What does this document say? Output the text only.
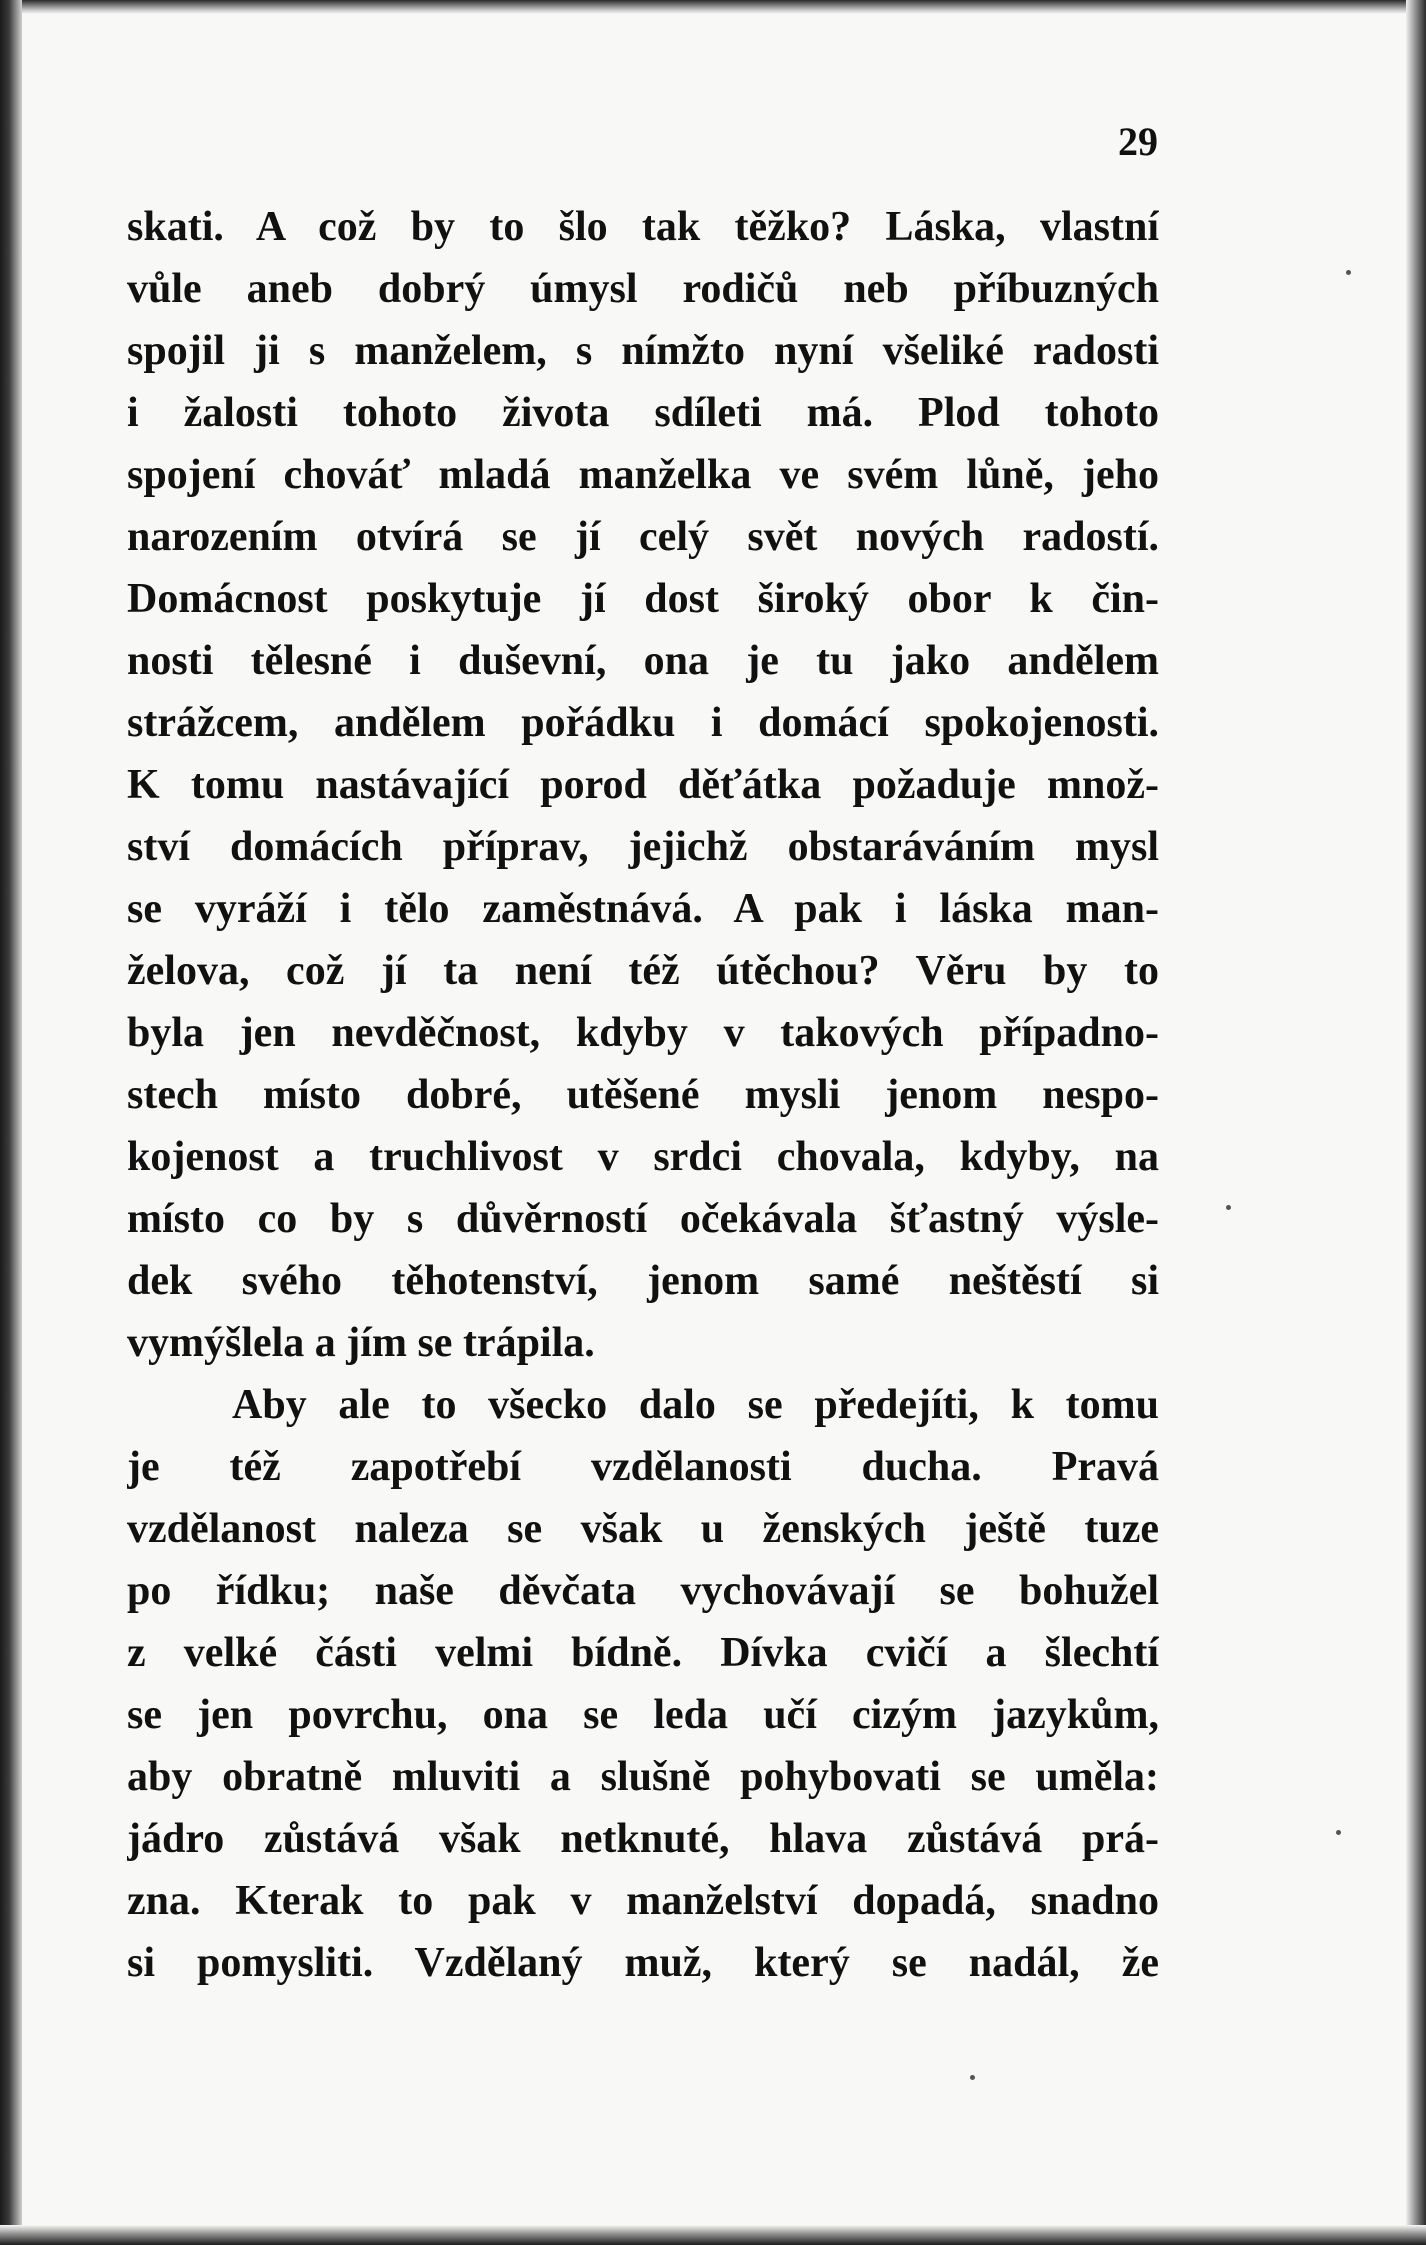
29
skati. A což by to šlo tak těžko? Láska, vlastní
vůle aneb dobrý úmysl rodičů neb příbuzných
spojil ji s manželem, s nímžto nyní všeliké radosti
i žalosti tohoto života sdíleti má. Plod tohoto
spojení chováť mladá manželka ve svém lůně, jeho
narozením otvírá se jí celý svět nových radostí.
Domácnost poskytuje jí dost široký obor k čin-
nosti tělesné i duševní, ona je tu jako andělem
strážcem, andělem pořádku i domácí spokojenosti.
K tomu nastávající porod děťátka požaduje množ-
ství domácích příprav, jejichž obstaráváním mysl
se vyráží i tělo zaměstnává. A pak i láska man-
želova, což jí ta není též útěchou? Věru by to
byla jen nevděčnost, kdyby v takových případno-
stech místo dobré, utěšené mysli jenom nespo-
kojenost a truchlivost v srdci chovala, kdyby, na
místo co by s důvěrností očekávala šťastný výsle-
dek svého těhotenství, jenom samé neštěstí si
vymýšlela a jím se trápila.
Aby ale to všecko dalo se předejíti, k tomu
je též zapotřebí vzdělanosti ducha. Pravá
vzdělanost naleza se však u ženských ještě tuze
po řídku; naše děvčata vychovávají se bohužel
z velké části velmi bídně. Dívka cvičí a šlechtí
se jen povrchu, ona se leda učí cizým jazykům,
aby obratně mluviti a slušně pohybovati se uměla:
jádro zůstává však netknuté, hlava zůstává prá-
zna. Kterak to pak v manželství dopadá, snadno
si pomysliti. Vzdělaný muž, který se nadál, že
